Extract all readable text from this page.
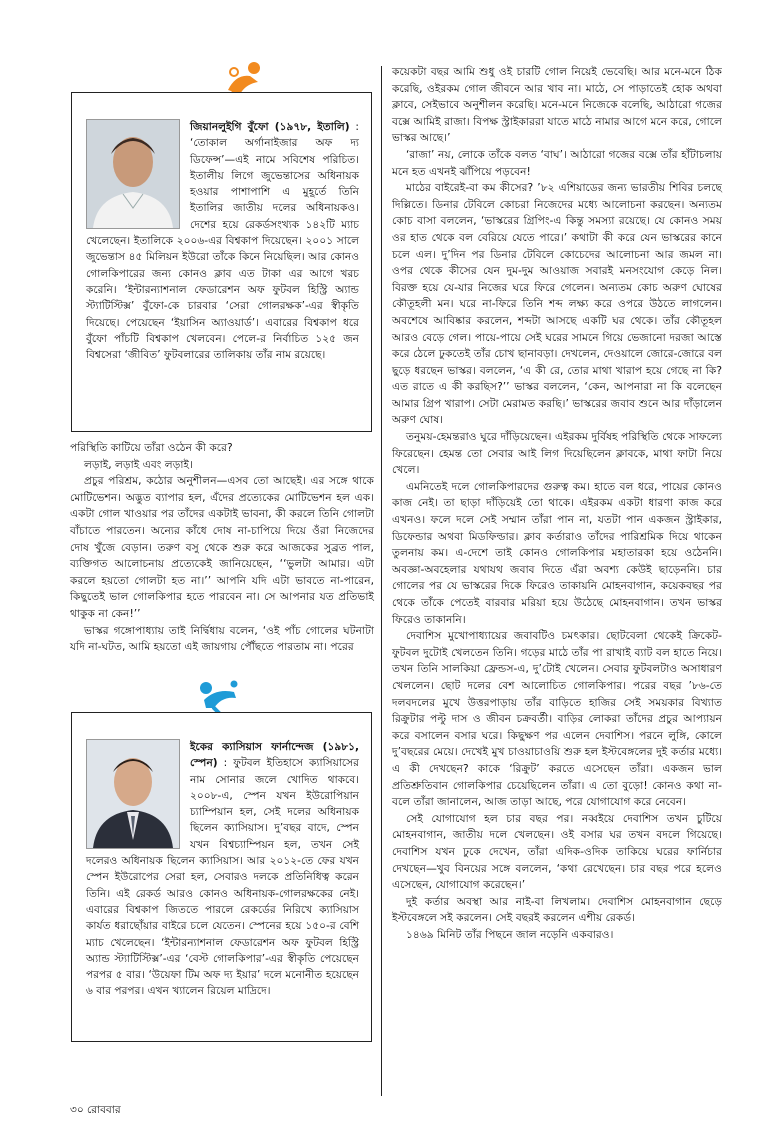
জিয়ানলুইগি বুঁফো (১৯৭৮, ইতালি) : ‘তোকাল অর্গানাইজার অফ দ্য ডিফেন্স’—এই নামে সবিশেষ পরিচিত। ইতালীয় লিগে জুভেন্তাসের অধিনায়ক হওয়ার পাশাপাশি এ মুহূর্তে তিনি ইতালির জাতীয় দলের অধিনায়কও। দেশের হয়ে রেকর্ডসংখ্যক ১৪২টি ম্যাচ খেলেছেন। ইতালিকে ২০০৬-এর বিশ্বকাপ দিয়েছেন। ২০০১ সালে জুভেন্তাস ৪৫ মিলিয়ন ইউরো তাঁকে কিনে নিয়েছিল। আর কোনও গোলকিপারের জন্য কোনও ক্লাব এত টাকা এর আগে খরচ করেনি। ‘ইন্টারন্যাশনাল ফেডারেশন অফ ফুটবল হিস্ট্রি অ্যান্ড স্ট্যাটিস্টিক্স’ বুঁফো-কে চারবার ‘সেরা গোলরক্ষক’-এর স্বীকৃতি দিয়েছে। পেয়েছেন ‘ইয়াসিন অ্যাওয়ার্ড’। এবারের বিশ্বকাপ ধরে বুঁফো পাঁচটি বিশ্বকাপ খেলবেন। পেলে-র নির্বাচিত ১২৫ জন বিশ্বসেরা ‘জীবিত’ ফুটবলারের তালিকায় তাঁর নাম রয়েছে।

পরিস্থিতি কাটিয়ে তাঁরা ওঠেন কী করে?

লড়াই, লড়াই এবং লড়াই।

প্রচুর পরিশ্রম, কঠোর অনুশীলন—এসব তো আছেই। এর সঙ্গে থাকে মোটিভেশন। অদ্ভুত ব্যাপার হল, এঁদের প্রত্যেকের মোটিভেশন হল এক। একটা গোল খাওয়ার পর তাঁদের একটাই ভাবনা, কী করলে তিনি গোলটা বাঁচাতে পারতেন। অন্যের কাঁধে দোষ না-চাপিয়ে দিয়ে ওঁরা নিজেদের দোষ খুঁজে বেড়ান। তরুণ বসু থেকে শুরু করে আজকের সুব্রত পাল, ব্যক্তিগত আলোচনায় প্রত্যেকেই জানিয়েছেন, ‘‘ভুলটা আমার। এটা করলে হয়তো গোলটা হত না।’’ আপনি যদি এটা ভাবতে না-পারেন, কিছুতেই ভাল গোলকিপার হতে পারবেন না। সে আপনার যত প্রতিভাই থাকুক না কেন!’’

ভাস্কর গঙ্গোপাধ্যায় তাই নির্দ্বিধায় বলেন, ‘ওই পাঁচ গোলের ঘটনাটা যদি না-ঘটত, আমি হয়তো এই জায়গায় পৌঁছতে পারতাম না। পরের

ইকের ক্যাসিয়াস ফার্নান্দেজ (১৯৮১, স্পেন) : ফুটবল ইতিহাসে ক্যাসিয়াসের নাম সোনার জলে খোদিত থাকবে। ২০০৮-এ, স্পেন যখন ইউরোপিয়ান চ্যাম্পিয়ান হল, সেই দলের অধিনায়ক ছিলেন ক্যাসিয়াস। দু’বছর বাদে, স্পেন যখন বিশ্বচ্যাম্পিয়ন হল, তখন সেই দলেরও অধিনায়ক ছিলেন ক্যাসিয়াস। আর ২০১২-তে ফের যখন স্পেন ইউরোপের সেরা হল, সেবারও দলকে প্রতিনিধিত্ব করেন তিনি। এই রেকর্ড আরও কোনও অধিনায়ক-গোলরক্ষকের নেই। এবারের বিশ্বকাপ জিততে পারলে রেকর্ডের নিরিখে ক্যাসিয়াস কার্যত ধরাছোঁয়ার বাইরে চলে যেতেন। স্পেনের হয়ে ১৫০-র বেশি ম্যাচ খেলেছেন। ‘ইন্টারন্যাশনাল ফেডারেশন অফ ফুটবল হিস্ট্রি অ্যান্ড স্ট্যাটিস্টিক্স’-এর ‘বেস্ট গোলকিপার’-এর স্বীকৃতি পেয়েছেন পরপর ৫ বার। ‘উয়েফা টিম অফ দ্য ইয়ার’ দলে মনোনীত হয়েছেন ৬ বার পরপর। এখন খ্যালেন রিয়েল মাদ্রিদে।

কয়েকটা বছর আমি শুধু ওই চারটি গোল নিয়েই ভেবেছি। আর মনে-মনে ঠিক করেছি, ওইরকম গোল জীবনে আর খাব না। মাঠে, সে পাড়াতেই হোক অথবা ক্লাবে, সেইভাবে অনুশীলন করেছি। মনে-মনে নিজেকে বলেছি, আঠারো গজের বক্সে আমিই রাজা। বিপক্ষ স্ট্রাইকাররা যাতে মাঠে নামার আগে মনে করে, গোলে ভাস্কর আছে।’

‘রাজা’ নয়, লোকে তাঁকে বলত ‘বাঘ’। আঠারো গজের বক্সে তাঁর হাঁটাচলায় মনে হত এখনই ঝাঁপিয়ে পড়বেন!

মাঠের বাইরেই-বা কম কীসের? ’৮২ এশিয়াডের জন্য ভারতীয় শিবির চলছে দিল্লিতে। ডিনার টেবিলে কোচরা নিজেদের মধ্যে আলোচনা করছেন। অন্যতম কোচ বাসা বললেন, ‘ভাস্করের গ্রিপিং-এ কিন্তু সমস্যা রয়েছে। যে কোনও সময় ওর হাত থেকে বল বেরিয়ে যেতে পারে।’ কথাটা কী করে যেন ভাস্করের কানে চলে এল। দু’দিন পর ডিনার টেবিলে কোচেদের আলোচনা আর জমল না। ওপর থেকে কীসের যেন দুম-দুম আওয়াজ সবারই মনসংযোগ কেড়ে নিল। বিরক্ত হয়ে যে-যার নিজের ঘরে ফিরে গেলেন। অন্যতম কোচ অরুণ ঘোষের কৌতূহলী মন। ঘরে না-ফিরে তিনি শব্দ লক্ষ্য করে ওপরে উঠতে লাগলেন। অবশেষে আবিষ্কার করলেন, শব্দটা আসছে একটি ঘর থেকে। তাঁর কৌতূহল আরও বেড়ে গেল। পায়ে-পায়ে সেই ঘরের সামনে গিয়ে ভেজানো দরজা আস্তে করে ঠেলে ঢুকতেই তাঁর চোখ ছানাবড়া। দেখলেন, দেওয়ালে জোরে-জোরে বল ছুড়ে ধরছেন ভাস্কর। বললেন, ‘এ কী রে, তোর মাথা খারাপ হয়ে গেছে না কি? এত রাতে এ কী করছিস?’’ ভাস্কর বললেন, ‘কেন, আপনারা না কি বলেছেন আমার গ্রিপ খারাপ। সেটা মেরামত করছি।’ ভাস্করের জবাব শুনে আর দাঁড়ালেন অরুণ ঘোষ।

তনুময়-হেমন্তরাও ঘুরে দাঁড়িয়েছেন। এইরকম দুর্বিষহ পরিস্থিতি থেকে সাফল্যে ফিরেছেন। হেমন্ত তো সেবার আই লিগ দিয়েছিলেন ক্লাবকে, মাথা ফাটা নিয়ে খেলে।

এমনিতেই দলে গোলকিপারদের গুরুত্ব কম। হাতে বল ধরে, পায়ের কোনও কাজ নেই। তা ছাড়া দাঁড়িয়েই তো থাকে। এইরকম একটা ধারণা কাজ করে এখনও। ফলে দলে সেই সম্মান তাঁরা পান না, যতটা পান একজন স্ট্রাইকার, ডিফেন্ডার অথবা মিডফিল্ডার। ক্লাব কর্তারাও তাঁদের পারিশ্রমিক দিয়ে থাকেন তুলনায় কম। এ-দেশে তাই কোনও গোলকিপার মহাতারকা হয়ে ওঠেননি। অবজ্ঞা-অবহেলার যথাযথ জবাব দিতে এঁরা অবশ্য কেউই ছাড়েননি। চার গোলের পর যে ভাস্করের দিকে ফিরেও তাকায়নি মোহনবাগান, কয়েকবছর পর থেকে তাঁকে পেতেই বারবার মরিয়া হয়ে উঠেছে মোহনবাগান। তখন ভাস্কর ফিরেও তাকাননি।

দেবাশিস মুখোপাধ্যায়ের জবাবটিও চমৎকার। ছোটবেলা থেকেই ক্রিকেট-ফুটবল দুটোই খেলতেন তিনি। গড়ের মাঠে তাঁর পা রাখাই ব্যাট বল হাতে নিয়ে। তখন তিনি সালকিয়া ফ্রেন্ডস-এ, দু’টোই খেলেন। সেবার ফুটবলটাও অসাধারণ খেললেন। ছোট দলের বেশ আলোচিত গোলকিপার। পরের বছর ’৮৬-তে দলবদলের মুখে উত্তরপাড়ায় তাঁর বাড়িতে হাজির সেই সময়কার বিখ্যাত রিক্রুটার পল্টু দাস ও জীবন চক্রবর্তী। বাড়ির লোকরা তাঁদের প্রচুর আপ্যায়ন করে বসালেন বসার ঘরে। কিছুক্ষণ পর এলেন দেবাশিস। পরনে লুঙ্গি, কোলে দু’বছরের মেয়ে। দেখেই মুখ চাওয়াচাওয়ি শুরু হল ইস্টবেঙ্গলের দুই কর্তার মধ্যে। এ কী দেখছেন? কাকে ‘রিক্রুট’ করতে এসেছেন তাঁরা। একজন ভাল প্রতিশ্রুতিবান গোলকিপার চেয়েছিলেন তাঁরা। এ তো বুড়ো! কোনও কথা না-বলে তাঁরা জানালেন, আজ তাড়া আছে, পরে যোগাযোগ করে নেবেন।

সেই যোগাযোগ হল চার বছর পর। নব্বইয়ে দেবাশিস তখন চুটিয়ে মোহনবাগান, জাতীয় দলে খেলছেন। ওই বসার ঘর তখন বদলে গিয়েছে। দেবাশিস যখন ঢুকে দেখেন, তাঁরা এদিক-ওদিক তাকিয়ে ঘরের ফার্নিচার দেখছেন—খুব বিনয়ের সঙ্গে বললেন, ‘কথা রেখেছেন। চার বছর পরে হলেও এসেছেন, যোগাযোগ করেছেন।’

দুই কর্তার অবস্থা আর নাই-বা লিখলাম। দেবাশিস মোহনবাগান ছেড়ে ইস্টবেঙ্গলে সই করলেন। সেই বছরই করলেন এশীয় রেকর্ড।

১৪৬৯ মিনিট তাঁর পিছনে জাল নড়েনি একবারও।

৩০ রোববার
